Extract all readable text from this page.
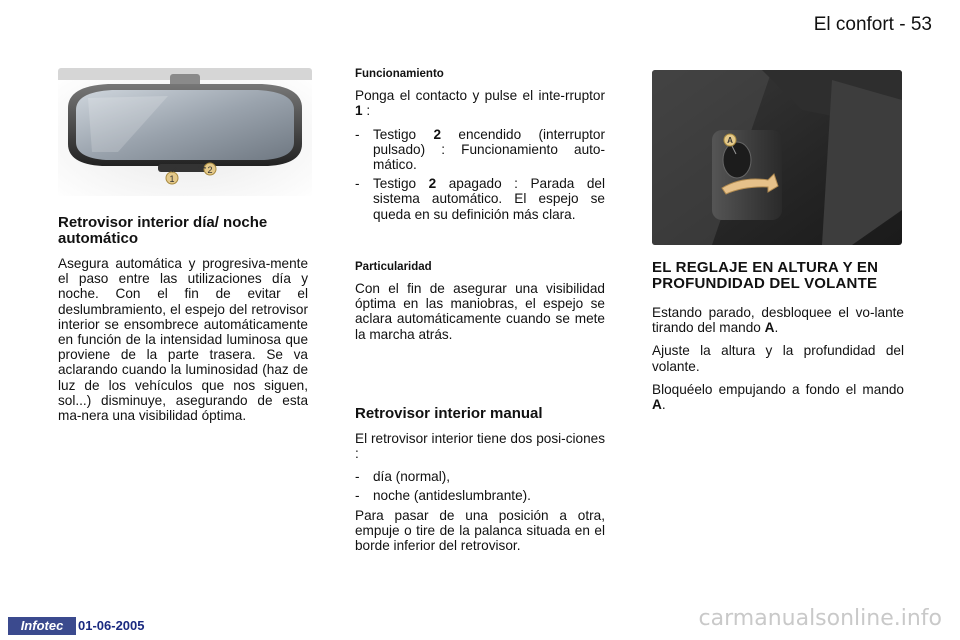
El confort - 53
1
2
Retrovisor interior día/ noche automático

Asegura automática y progresiva-mente el paso entre las utilizaciones día y noche. Con el fin de evitar el deslumbramiento, el espejo del retrovisor interior se ensombrece automáticamente en función de la intensidad luminosa que proviene de la parte trasera. Se va aclarando cuando la luminosidad (haz de luz de los vehículos que nos siguen, sol...) disminuye, asegurando de esta ma-nera una visibilidad óptima.

Funcionamiento

Ponga el contacto y pulse el inte-rruptor 1 :

- Testigo 2 encendido (interruptor pulsado) : Funcionamiento auto-mático.
- Testigo 2 apagado : Parada del sistema automático. El espejo se queda en su definición más clara.
Particularidad

Con el fin de asegurar una visibilidad óptima en las maniobras, el espejo se aclara automáticamente cuando se mete la marcha atrás.

Retrovisor interior manual

El retrovisor interior tiene dos posi-ciones :

- día (normal),
- noche (antideslumbrante).

Para pasar de una posición a otra, empuje o tire de la palanca situada en el borde inferior del retrovisor.

A
EL REGLAJE EN ALTURA Y EN PROFUNDIDAD DEL VOLANTE

Estando parado, desbloquee el vo-lante tirando del mando A.

Ajuste la altura y la profundidad del volante.

Bloquéelo empujando a fondo el mando A.

Infotec	01-06-2005	carmanualsonline.info
